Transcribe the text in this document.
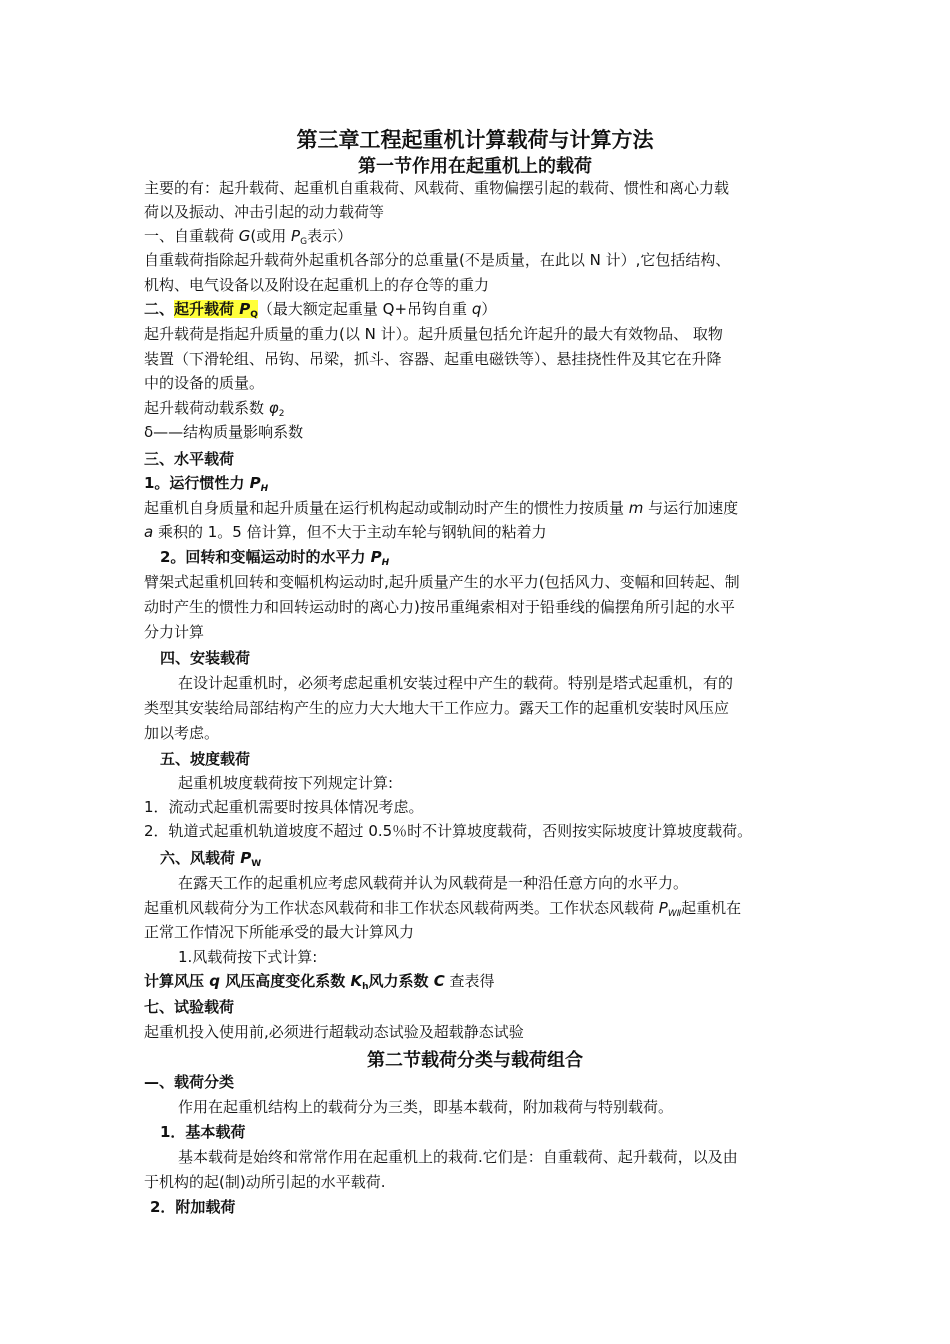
第三章工程起重机计算载荷与计算方法
第一节作用在起重机上的载荷
主要的有：起升载荷、起重机自重栽荷、风载荷、重物偏摆引起的载荷、惯性和离心力载
荷以及振动、冲击引起的动力载荷等
一、自重载荷 G(或用 $P_G$表示）
自重载荷指除起升载荷外起重机各部分的总重量(不是质量，在此以 N 计）,它包括结构、
机构、电气设备以及附设在起重机上的存仓等的重力
二、起升载荷 $P_Q$（最大额定起重量 Q+吊钩自重 q）
起升载荷是指起升质量的重力(以 N 计）。起升质量包括允许起升的最大有效物品、 取物
装置（下滑轮组、吊钩、吊梁，抓斗、容器、起重电磁铁等）、悬挂挠性件及其它在升降
中的设备的质量。
起升载荷动载系数 $\varphi_2$
δ——结构质量影响系数
三、水平载荷
1。运行惯性力 $P_H$
起重机自身质量和起升质量在运行机构起动或制动时产生的惯性力按质量 m 与运行加速度
a 乘积的 1。5 倍计算，但不大于主动车轮与钢轨间的粘着力
2。回转和变幅运动时的水平力 $P_H$
臂架式起重机回转和变幅机构运动时,起升质量产生的水平力(包括风力、变幅和回转起、制
动时产生的惯性力和回转运动时的离心力)按吊重绳索相对于铅垂线的偏摆角所引起的水平
分力计算
四、安装载荷
在设计起重机时，必须考虑起重机安装过程中产生的载荷。特别是塔式起重机，有的
类型其安装给局部结构产生的应力大大地大干工作应力。露天工作的起重机安装时风压应
加以考虑。
五、坡度载荷
起重机坡度载荷按下列规定计算:
1．流动式起重机需要时按具体情况考虑。
2．轨道式起重机轨道坡度不超过 0.5％时不计算坡度载荷，否则按实际坡度计算坡度载荷。
六、风载荷 $P_W$
在露天工作的起重机应考虑风载荷并认为风载荷是一种沿任意方向的水平力。
起重机风载荷分为工作状态风载荷和非工作状态风载荷两类。工作状态风载荷 $P_{WⅡ}$起重机在
正常工作情况下所能承受的最大计算风力
1.风载荷按下式计算:
计算风压 q 风压高度变化系数 $K_h$风力系数 C 查表得
七、试验载荷
起重机投入使用前,必须进行超载动态试验及超载静态试验
第二节载荷分类与载荷组合
—、载荷分类
作用在起重机结构上的载荷分为三类，即基本载荷，附加栽荷与特别载荷。
1．基本载荷
基本载荷是始终和常常作用在起重机上的栽荷.它们是：自重载荷、起升载荷，以及由
于机构的起(制)动所引起的水平载荷.
2．附加载荷
